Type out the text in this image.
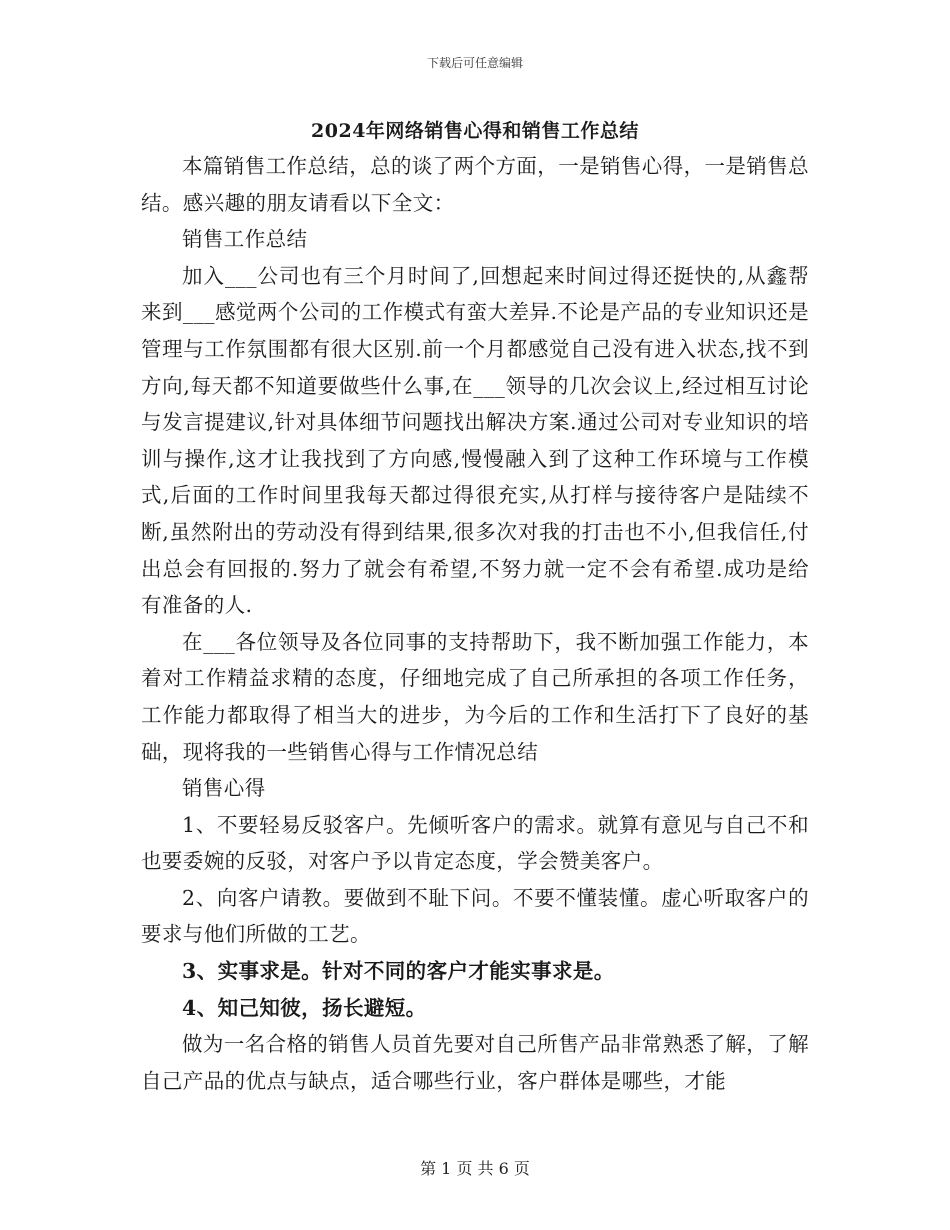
下载后可任意编辑
2024年网络销售心得和销售工作总结

本篇销售工作总结，总的谈了两个方面，一是销售心得，一是销售总结。感兴趣的朋友请看以下全文：

销售工作总结

加入___公司也有三个月时间了,回想起来时间过得还挺快的,从鑫帮来到___感觉两个公司的工作模式有蛮大差异.不论是产品的专业知识还是管理与工作氛围都有很大区别.前一个月都感觉自己没有进入状态,找不到方向,每天都不知道要做些什么事,在___领导的几次会议上,经过相互讨论与发言提建议,针对具体细节问题找出解决方案.通过公司对专业知识的培训与操作,这才让我找到了方向感,慢慢融入到了这种工作环境与工作模式,后面的工作时间里我每天都过得很充实,从打样与接待客户是陆续不断,虽然附出的劳动没有得到结果,很多次对我的打击也不小,但我信任,付出总会有回报的.努力了就会有希望,不努力就一定不会有希望.成功是给有准备的人.

在___各位领导及各位同事的支持帮助下，我不断加强工作能力，本着对工作精益求精的态度，仔细地完成了自己所承担的各项工作任务，工作能力都取得了相当大的进步，为今后的工作和生活打下了良好的基础，现将我的一些销售心得与工作情况总结

销售心得

1、不要轻易反驳客户。先倾听客户的需求。就算有意见与自己不和也要委婉的反驳，对客户予以肯定态度，学会赞美客户。

2、向客户请教。要做到不耻下问。不要不懂装懂。虚心听取客户的要求与他们所做的工艺。

3、实事求是。针对不同的客户才能实事求是。

4、知己知彼，扬长避短。

做为一名合格的销售人员首先要对自己所售产品非常熟悉了解，了解自己产品的优点与缺点，适合哪些行业，客户群体是哪些，才能

第 1 页 共 6 页
